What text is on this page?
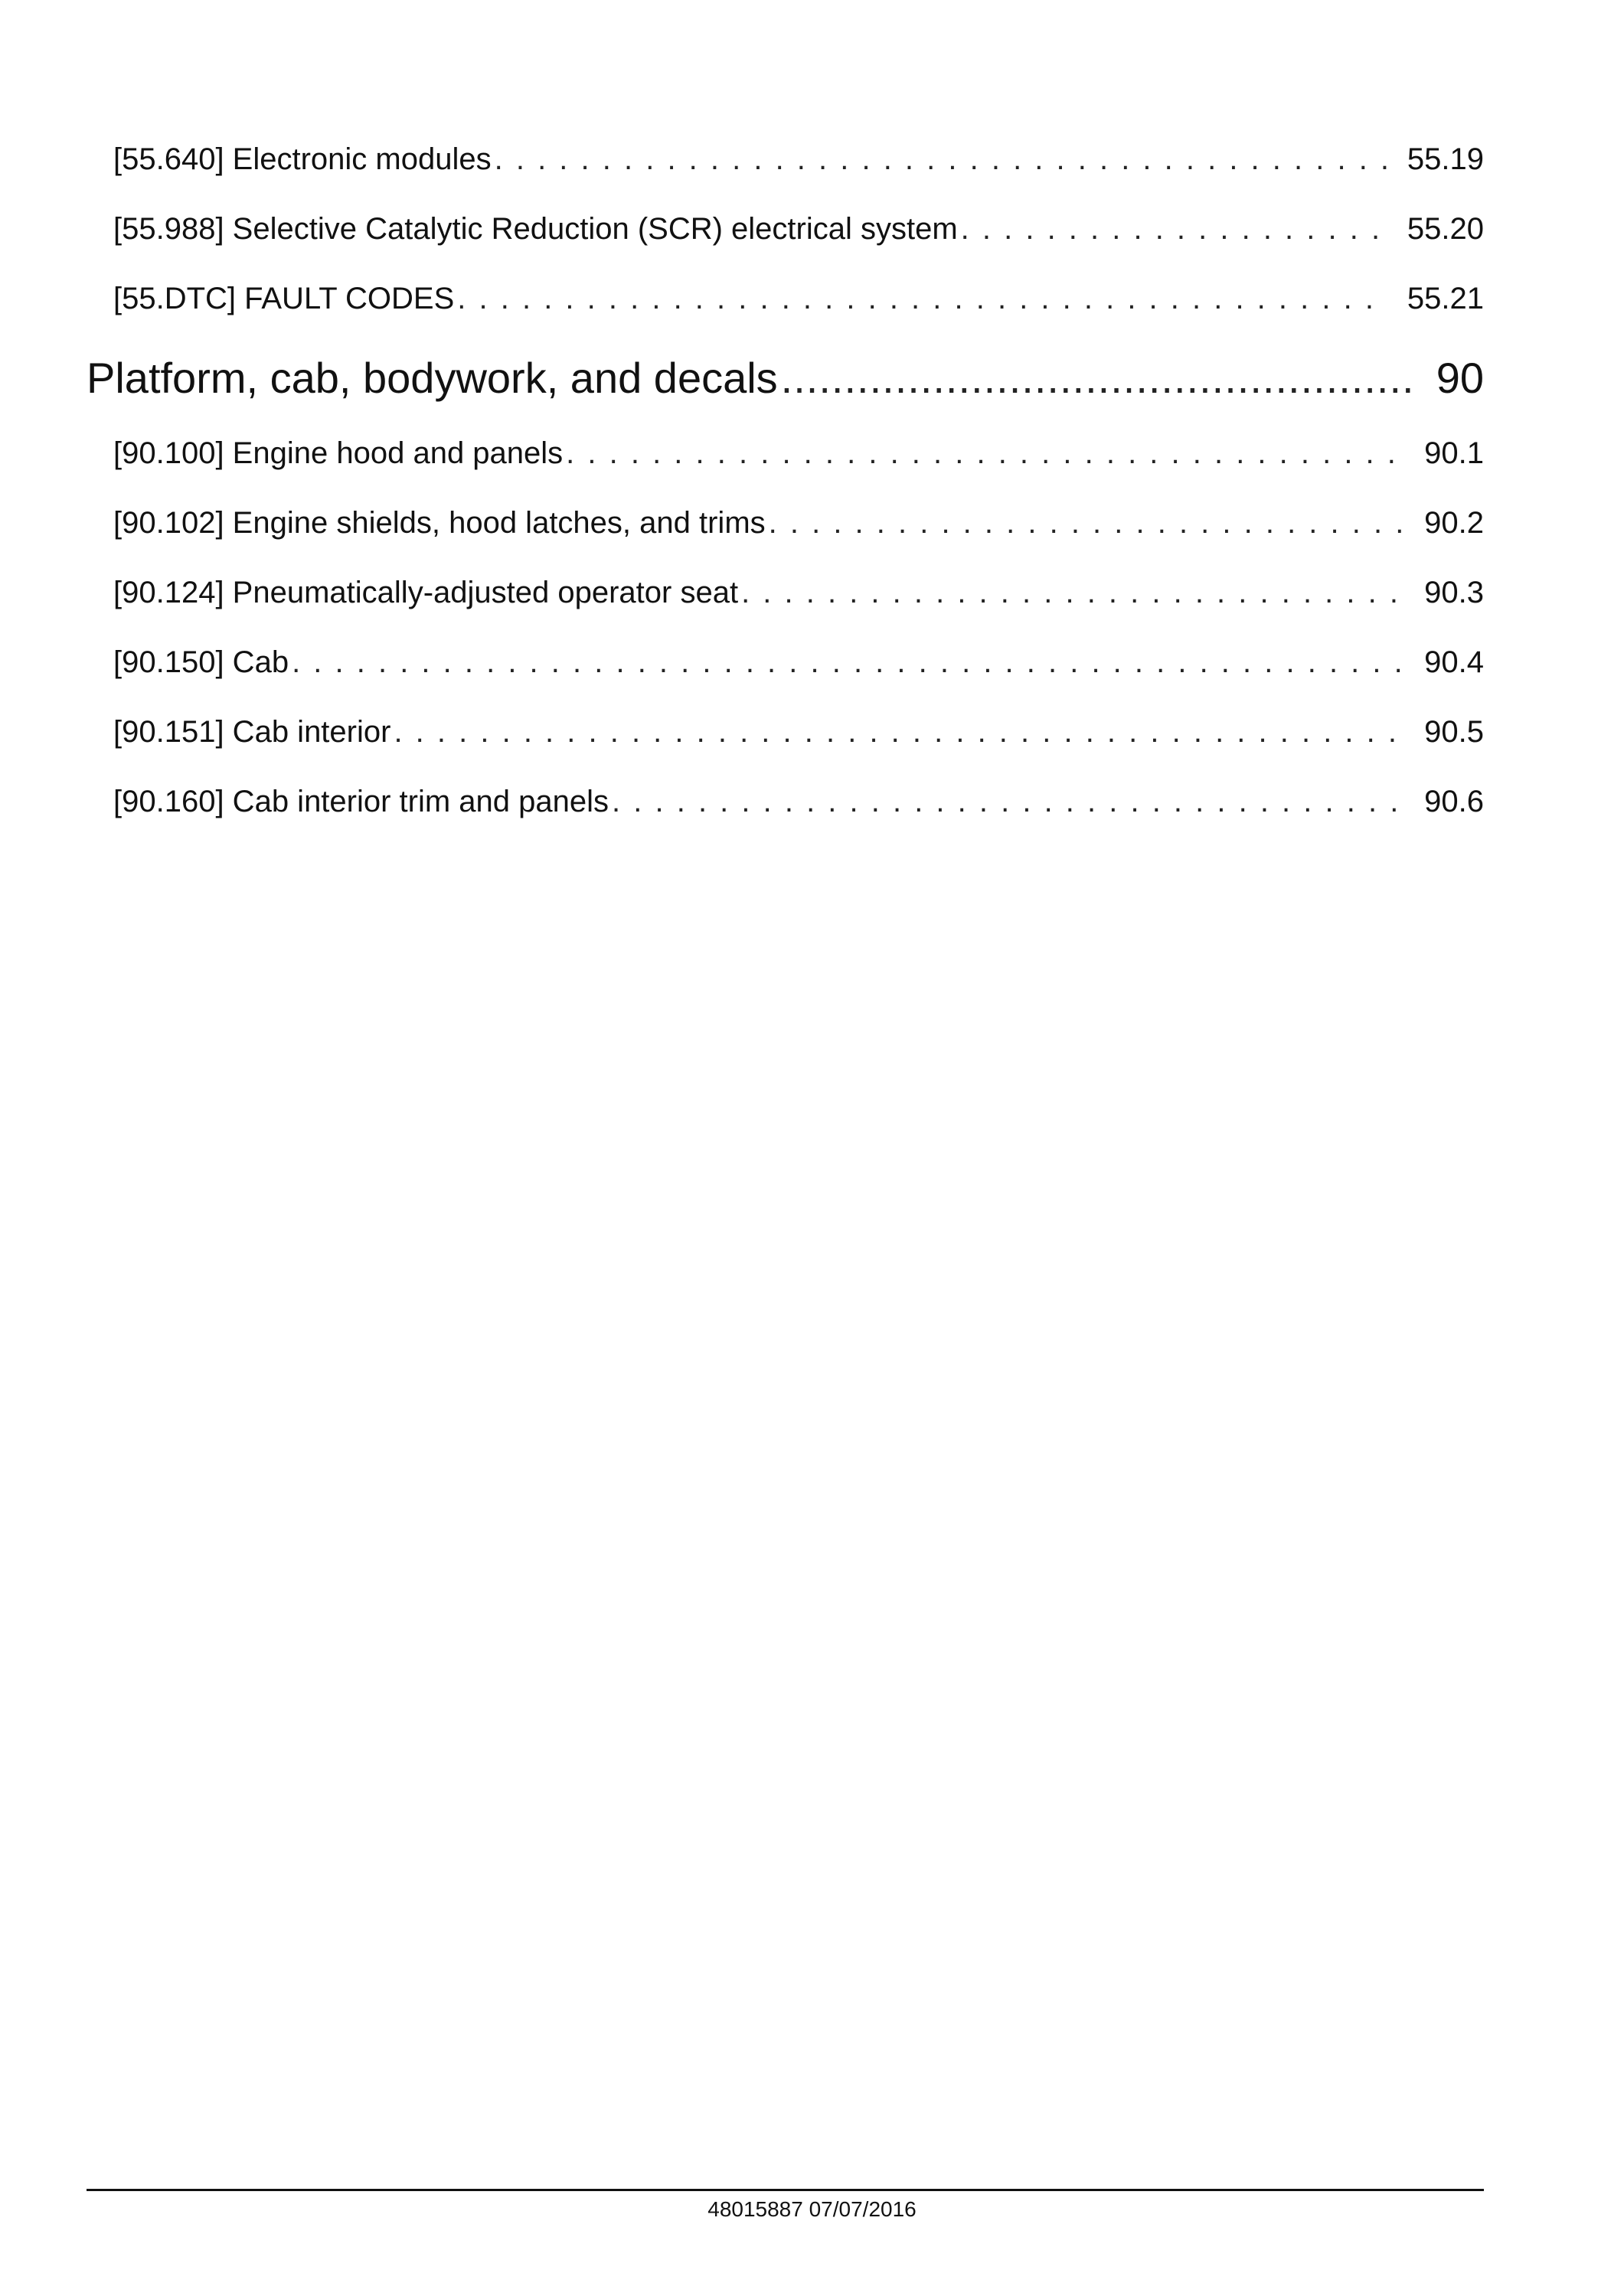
[55.640] Electronic modules . . .	55.19
[55.988] Selective Catalytic Reduction (SCR) electrical system . . .	55.20
[55.DTC] FAULT CODES . . .	55.21
Platform, cab, bodywork, and decals .....	90
[90.100] Engine hood and panels . . .	90.1
[90.102] Engine shields, hood latches, and trims . . .	90.2
[90.124] Pneumatically-adjusted operator seat . . .	90.3
[90.150] Cab . . .	90.4
[90.151] Cab interior . . .	90.5
[90.160] Cab interior trim and panels . . .	90.6
48015887 07/07/2016
